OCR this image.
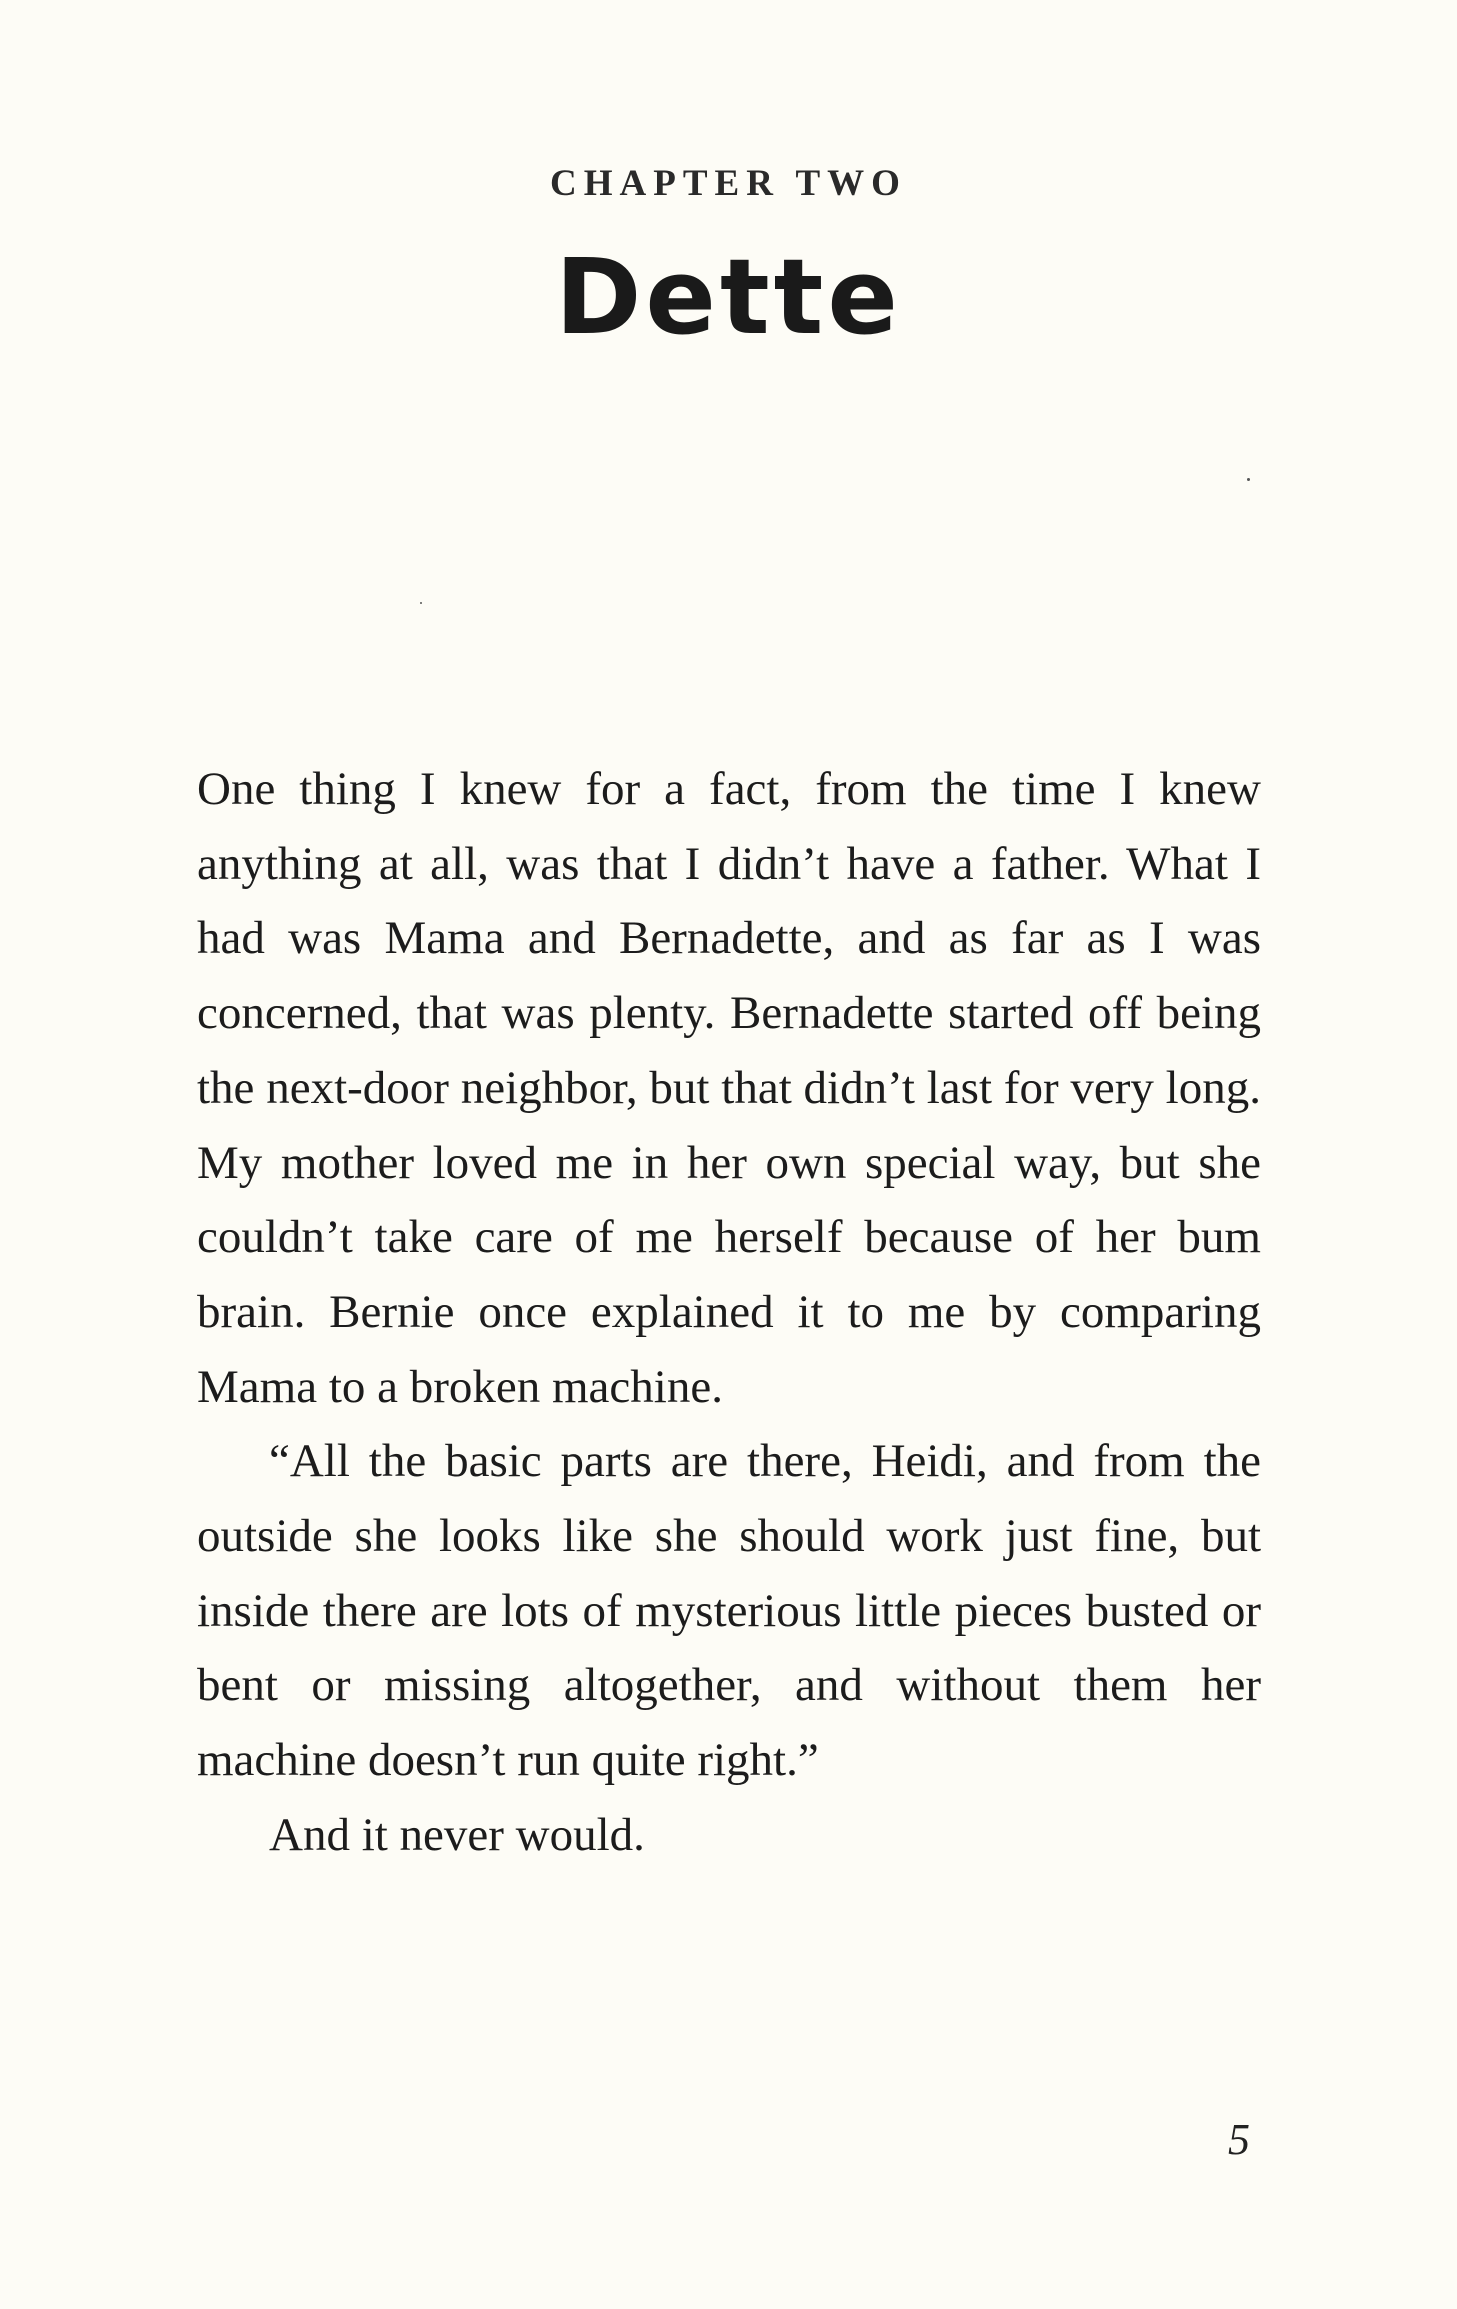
CHAPTER TWO
Dette

One thing I knew for a fact, from the time I knew anything at all, was that I didn’t have a father. What I had was Mama and Bernadette, and as far as I was concerned, that was plenty. Bernadette started off being the next-door neighbor, but that didn’t last for very long. My mother loved me in her own special way, but she couldn’t take care of me herself because of her bum brain. Bernie once explained it to me by comparing Mama to a broken machine.

“All the basic parts are there, Heidi, and from the outside she looks like she should work just fine, but inside there are lots of mysterious little pieces busted or bent or missing altogether, and without them her machine doesn’t run quite right.”

And it never would.

5
